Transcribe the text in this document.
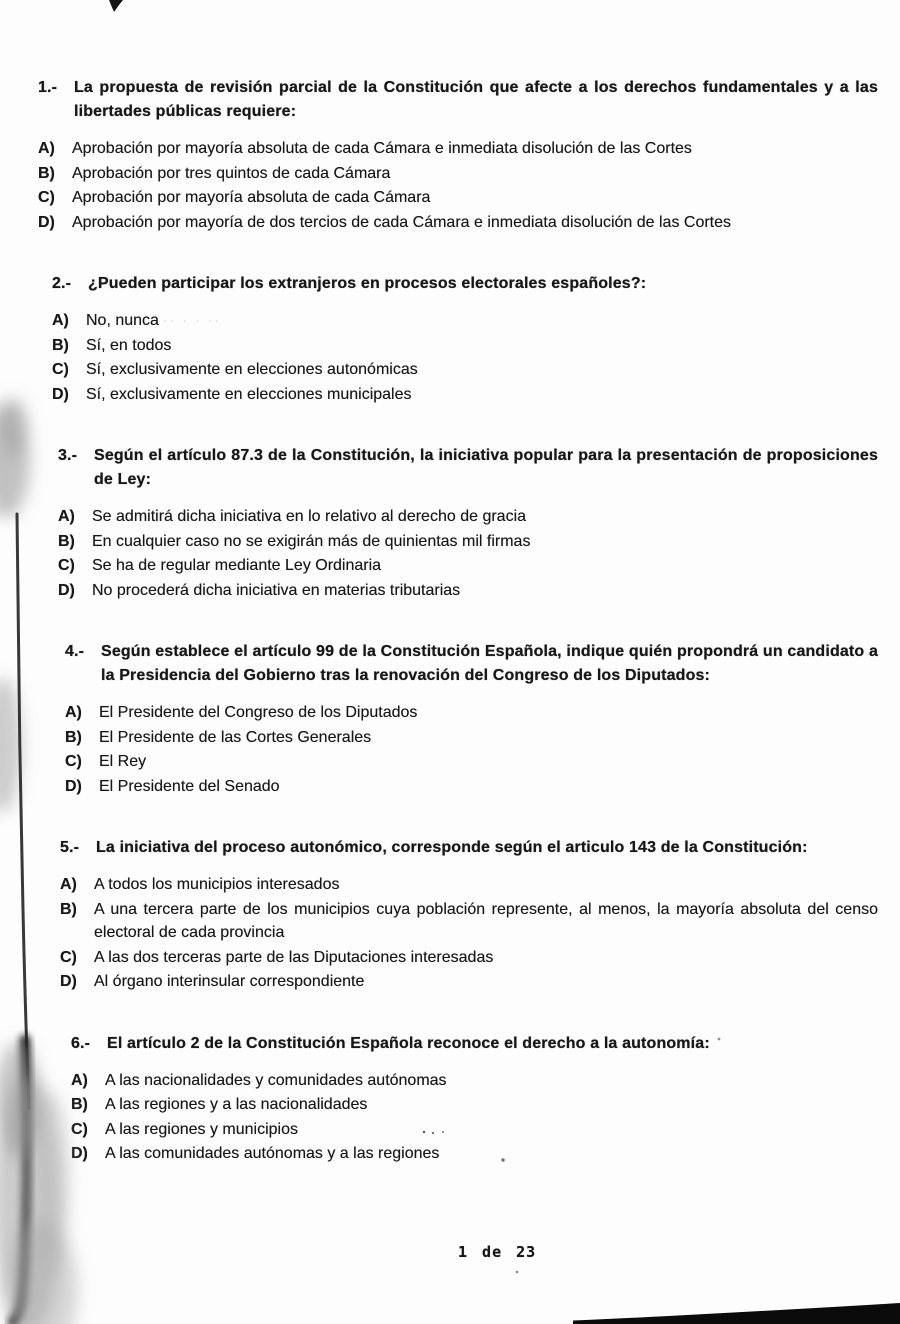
1.- La propuesta de revisión parcial de la Constitución que afecte a los derechos fundamentales y a las libertades públicas requiere:

A) Aprobación por mayoría absoluta de cada Cámara e inmediata disolución de las Cortes
B) Aprobación por tres quintos de cada Cámara
C) Aprobación por mayoría absoluta de cada Cámara
D) Aprobación por mayoría de dos tercios de cada Cámara e inmediata disolución de las Cortes

2.- ¿Pueden participar los extranjeros en procesos electorales españoles?:

A) No, nunca ·· · · ··
B) Sí, en todos
C) Sí, exclusivamente en elecciones autonómicas
D) Sí, exclusivamente en elecciones municipales

3.- Según el artículo 87.3 de la Constitución, la iniciativa popular para la presentación de proposiciones de Ley:

A) Se admitirá dicha iniciativa en lo relativo al derecho de gracia
B) En cualquier caso no se exigirán más de quinientas mil firmas
C) Se ha de regular mediante Ley Ordinaria
D) No procederá dicha iniciativa en materias tributarias

4.- Según establece el artículo 99 de la Constitución Española, indique quién propondrá un candidato a la Presidencia del Gobierno tras la renovación del Congreso de los Diputados:

A) El Presidente del Congreso de los Diputados
B) El Presidente de las Cortes Generales
C) El Rey
D) El Presidente del Senado

5.- La iniciativa del proceso autonómico, corresponde según el articulo 143 de la Constitución:

A) A todos los municipios interesados
B) A una tercera parte de los municipios cuya población represente, al menos, la mayoría absoluta del censo electoral de cada provincia
C) A las dos terceras parte de las Diputaciones interesadas
D) Al órgano interinsular correspondiente

6.- El artículo 2 de la Constitución Española reconoce el derecho a la autonomía:

A) A las nacionalidades y comunidades autónomas
B) A las regiones y a las nacionalidades
C) A las regiones y municipios
D) A las comunidades autónomas y a las regiones
1 de 23
